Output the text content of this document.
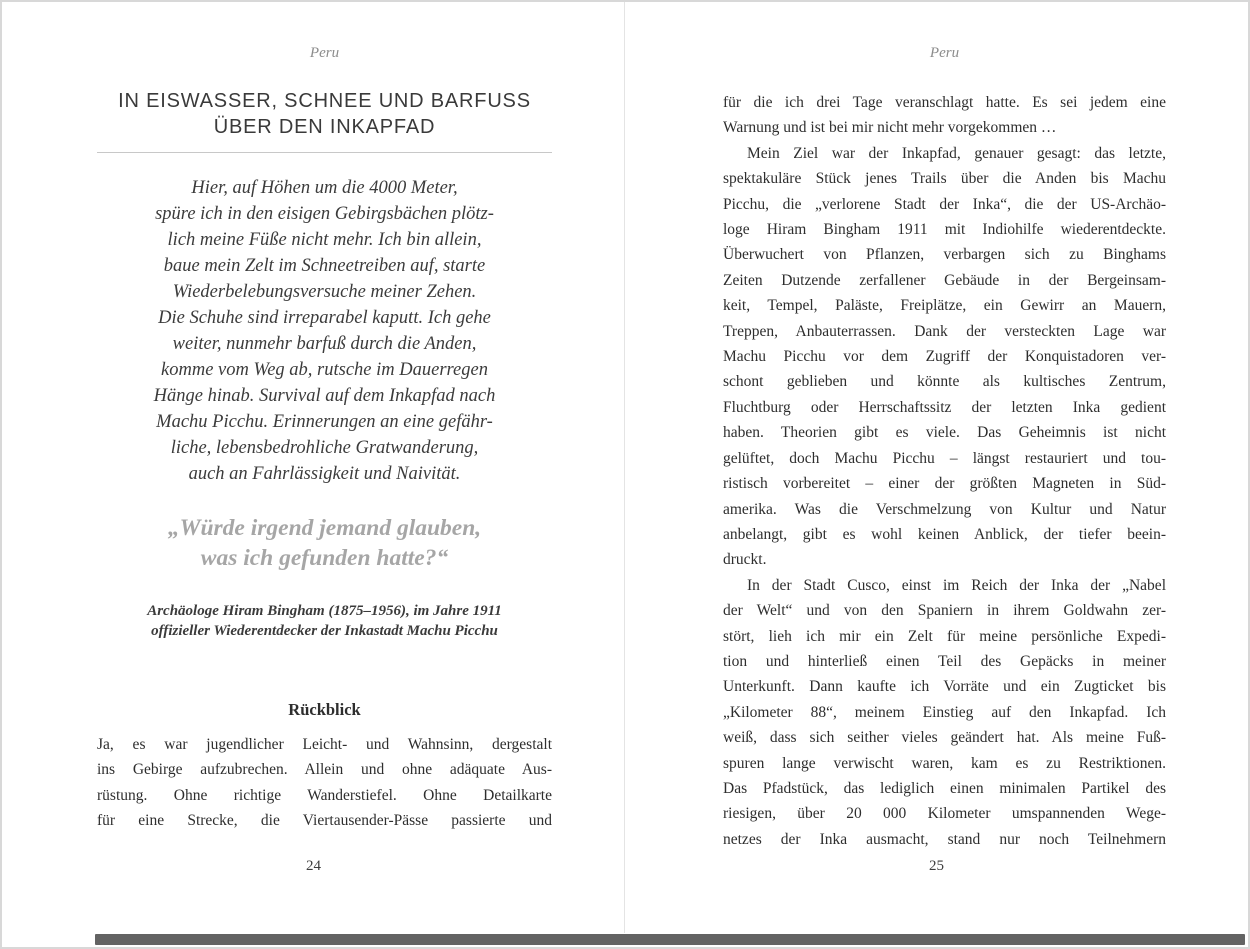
Peru
IN EISWASSER, SCHNEE UND BARFUSS
ÜBER DEN INKAPFAD
Hier, auf Höhen um die 4000 Meter,
spüre ich in den eisigen Gebirgsbächen plötz-
lich meine Füße nicht mehr. Ich bin allein,
baue mein Zelt im Schneetreiben auf, starte
Wiederbelebungsversuche meiner Zehen.
Die Schuhe sind irreparabel kaputt. Ich gehe
weiter, nunmehr barfuß durch die Anden,
komme vom Weg ab, rutsche im Dauerregen
Hänge hinab. Survival auf dem Inkapfad nach
Machu Picchu. Erinnerungen an eine gefähr-
liche, lebensbedrohliche Gratwanderung,
auch an Fahrlässigkeit und Naivität.
„Würde irgend jemand glauben,
was ich gefunden hatte?“
Archäologe Hiram Bingham (1875–1956), im Jahre 1911
offizieller Wiederentdecker der Inkastadt Machu Picchu
Rückblick
Ja, es war jugendlicher Leicht- und Wahnsinn, dergestalt
ins Gebirge aufzubrechen. Allein und ohne adäquate Aus-
rüstung. Ohne richtige Wanderstiefel. Ohne Detailkarte
für eine Strecke, die Viertausender-Pässe passierte und
24
Peru
für die ich drei Tage veranschlagt hatte. Es sei jedem eine
Warnung und ist bei mir nicht mehr vorgekommen …
Mein Ziel war der Inkapfad, genauer gesagt: das letzte,
spektakuläre Stück jenes Trails über die Anden bis Machu
Picchu, die „verlorene Stadt der Inka“, die der US-Archäo-
loge Hiram Bingham 1911 mit Indiohilfe wiederentdeckte.
Überwuchert von Pflanzen, verbargen sich zu Binghams
Zeiten Dutzende zerfallener Gebäude in der Bergeinsam-
keit, Tempel, Paläste, Freiplätze, ein Gewirr an Mauern,
Treppen, Anbauterrassen. Dank der versteckten Lage war
Machu Picchu vor dem Zugriff der Konquistadoren ver-
schont geblieben und könnte als kultisches Zentrum,
Fluchtburg oder Herrschaftssitz der letzten Inka gedient
haben. Theorien gibt es viele. Das Geheimnis ist nicht
gelüftet, doch Machu Picchu – längst restauriert und tou-
ristisch vorbereitet – einer der größten Magneten in Süd-
amerika. Was die Verschmelzung von Kultur und Natur
anbelangt, gibt es wohl keinen Anblick, der tiefer beein-
druckt.
In der Stadt Cusco, einst im Reich der Inka der „Nabel
der Welt“ und von den Spaniern in ihrem Goldwahn zer-
stört, lieh ich mir ein Zelt für meine persönliche Expedi-
tion und hinterließ einen Teil des Gepäcks in meiner
Unterkunft. Dann kaufte ich Vorräte und ein Zugticket bis
„Kilometer 88“, meinem Einstieg auf den Inkapfad. Ich
weiß, dass sich seither vieles geändert hat. Als meine Fuß-
spuren lange verwischt waren, kam es zu Restriktionen.
Das Pfadstück, das lediglich einen minimalen Partikel des
riesigen, über 20 000 Kilometer umspannenden Wege-
netzes der Inka ausmacht, stand nur noch Teilnehmern
25
